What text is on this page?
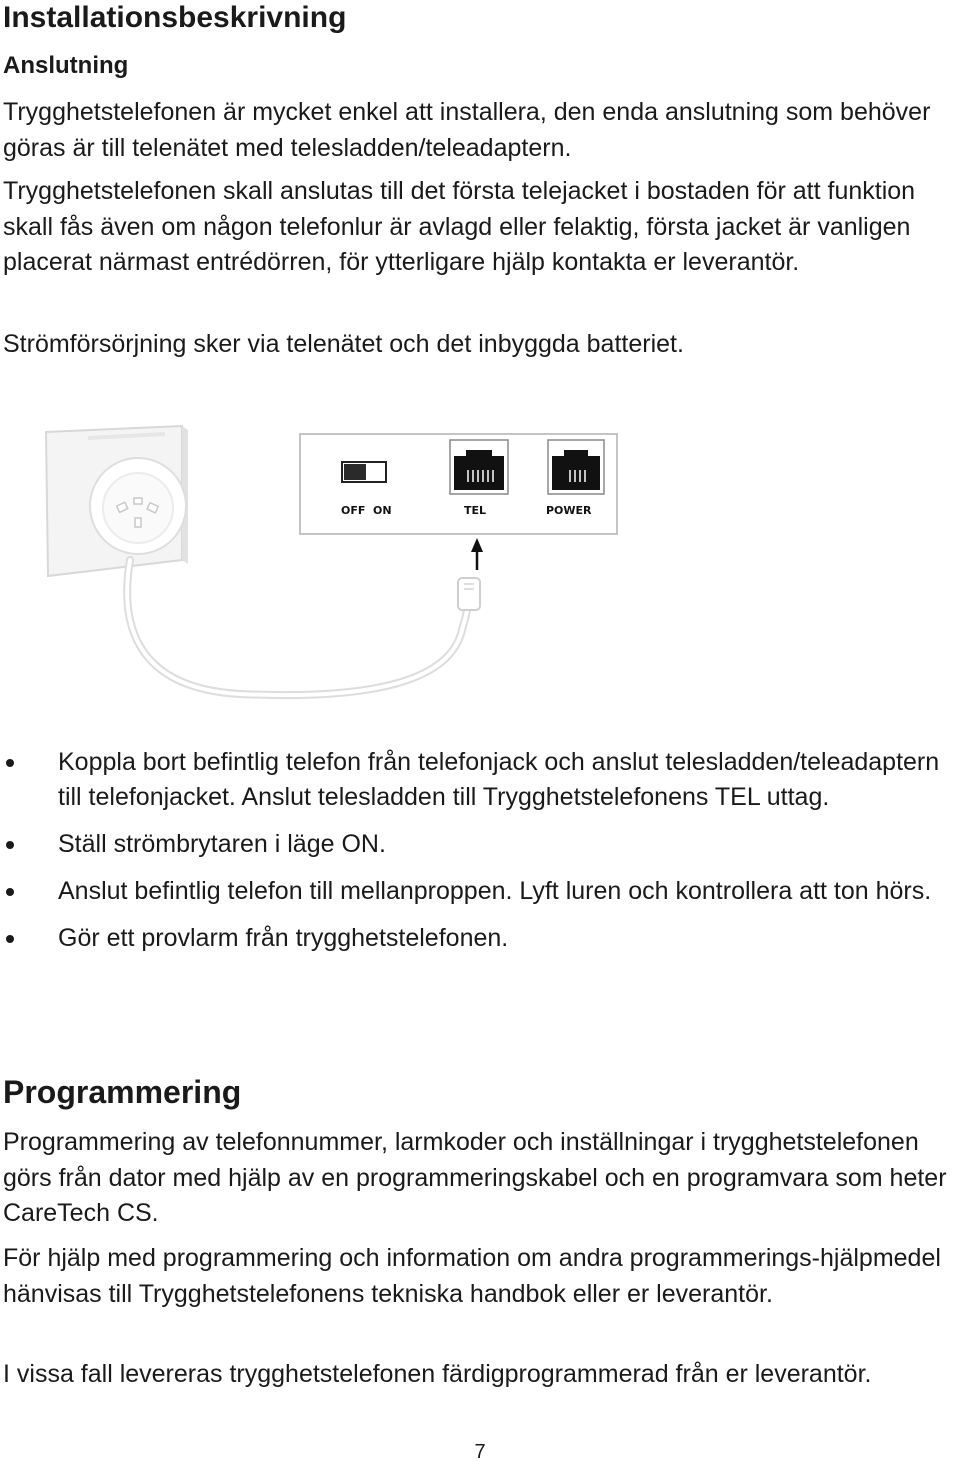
Installationsbeskrivning
Anslutning

Trygghetstelefonen är mycket enkel att installera, den enda anslutning som behöver göras är till telenätet med telesladden/teleadaptern.

Trygghetstelefonen skall anslutas till det första telejacket i bostaden för att funktion skall fås även om någon telefonlur är avlagd eller felaktig, första jacket är vanligen placerat närmast entrédörren, för ytterligare hjälp kontakta er leverantör.

Strömförsörjning sker via telenätet och det inbyggda batteriet.

OFF  ON	TEL	POWER
Koppla bort befintlig telefon från telefonjack och anslut telesladden/teleadaptern till telefonjacket. Anslut telesladden till Trygghetstelefonens TEL uttag.
Ställ strömbrytaren i läge ON.
Anslut befintlig telefon till mellanproppen. Lyft luren och kontrollera att ton hörs.
Gör ett provlarm från trygghetstelefonen.
Programmering

Programmering av telefonnummer, larmkoder och inställningar i trygghetstelefonen görs från dator med hjälp av en programmeringskabel och en programvara som heter CareTech CS.

För hjälp med programmering och information om andra programmerings-hjälpmedel hänvisas till Trygghetstelefonens tekniska handbok eller er leverantör.

I vissa fall levereras trygghetstelefonen färdigprogrammerad från er leverantör.

7
